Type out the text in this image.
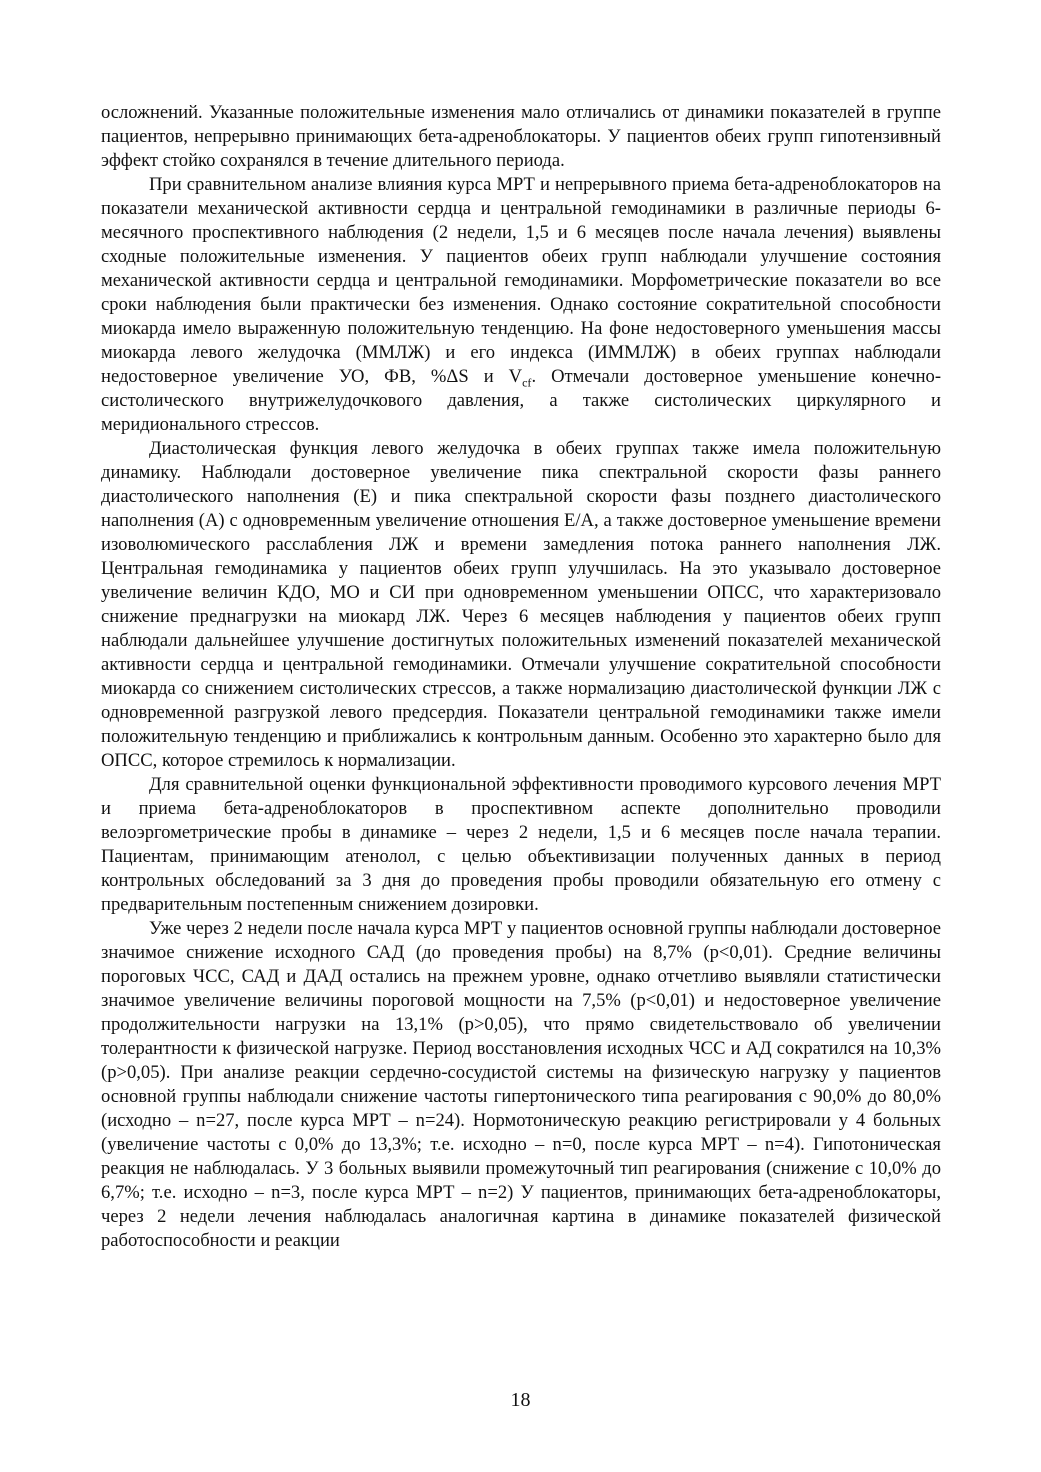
осложнений. Указанные положительные изменения мало отличались от динамики показателей в группе пациентов, непрерывно принимающих бета-адреноблокаторы. У пациентов обеих групп гипотензивный эффект стойко сохранялся в течение длительного периода.

При сравнительном анализе влияния курса МРТ и непрерывного приема бета-адреноблокаторов на показатели механической активности сердца и центральной гемодинамики в различные периоды 6-месячного проспективного наблюдения (2 недели, 1,5 и 6 месяцев после начала лечения) выявлены сходные положительные изменения. У пациентов обеих групп наблюдали улучшение состояния механической активности сердца и центральной гемодинамики. Морфометрические показатели во все сроки наблюдения были практически без изменения. Однако состояние сократительной способности миокарда имело выраженную положительную тенденцию. На фоне недостоверного уменьшения массы миокарда левого желудочка (ММЛЖ) и его индекса (ИММЛЖ) в обеих группах наблюдали недостоверное увеличение УО, ФВ, %ΔS и $V_{cf}$. Отмечали достоверное уменьшение конечно-систолического внутрижелудочкового давления, а также систолических циркулярного и меридионального стрессов.

Диастолическая функция левого желудочка в обеих группах также имела положительную динамику. Наблюдали достоверное увеличение пика спектральной скорости фазы раннего диастолического наполнения (Е) и пика спектральной скорости фазы позднего диастолического наполнения (А) с одновременным увеличение отношения Е/А, а также достоверное уменьшение времени изоволюмического расслабления ЛЖ и времени замедления потока раннего наполнения ЛЖ. Центральная гемодинамика у пациентов обеих групп улучшилась. На это указывало достоверное увеличение величин КДО, МО и СИ при одновременном уменьшении ОПСС, что характеризовало снижение преднагрузки на миокард ЛЖ. Через 6 месяцев наблюдения у пациентов обеих групп наблюдали дальнейшее улучшение достигнутых положительных изменений показателей механической активности сердца и центральной гемодинамики. Отмечали улучшение сократительной способности миокарда со снижением систолических стрессов, а также нормализацию диастолической функции ЛЖ с одновременной разгрузкой левого предсердия. Показатели центральной гемодинамики также имели положительную тенденцию и приближались к контрольным данным. Особенно это характерно было для ОПСС, которое стремилось к нормализации.

Для сравнительной оценки функциональной эффективности проводимого курсового лечения МРТ и приема бета-адреноблокаторов в проспективном аспекте дополнительно проводили велоэргометрические пробы в динамике – через 2 недели, 1,5 и 6 месяцев после начала терапии. Пациентам, принимающим атенолол, с целью объективизации полученных данных в период контрольных обследований за 3 дня до проведения пробы проводили обязательную его отмену с предварительным постепенным снижением дозировки.

Уже через 2 недели после начала курса МРТ у пациентов основной группы наблюдали достоверное значимое снижение исходного САД (до проведения пробы) на 8,7% (р<0,01). Средние величины пороговых ЧСС, САД и ДАД остались на прежнем уровне, однако отчетливо выявляли статистически значимое увеличение величины пороговой мощности на 7,5% (р<0,01) и недостоверное увеличение продолжительности нагрузки на 13,1% (р>0,05), что прямо свидетельствовало об увеличении толерантности к физической нагрузке. Период восстановления исходных ЧСС и АД сократился на 10,3% (р>0,05). При анализе реакции сердечно-сосудистой системы на физическую нагрузку у пациентов основной группы наблюдали снижение частоты гипертонического типа реагирования с 90,0% до 80,0% (исходно – n=27, после курса МРТ – n=24). Нормотоническую реакцию регистрировали у 4 больных (увеличение частоты с 0,0% до 13,3%; т.е. исходно – n=0, после курса МРТ – n=4). Гипотоническая реакция не наблюдалась. У 3 больных выявили промежуточный тип реагирования (снижение с 10,0% до 6,7%; т.е. исходно – n=3, после курса МРТ – n=2) У пациентов, принимающих бета-адреноблокаторы, через 2 недели лечения наблюдалась аналогичная картина в динамике показателей физической работоспособности и реакции

18
